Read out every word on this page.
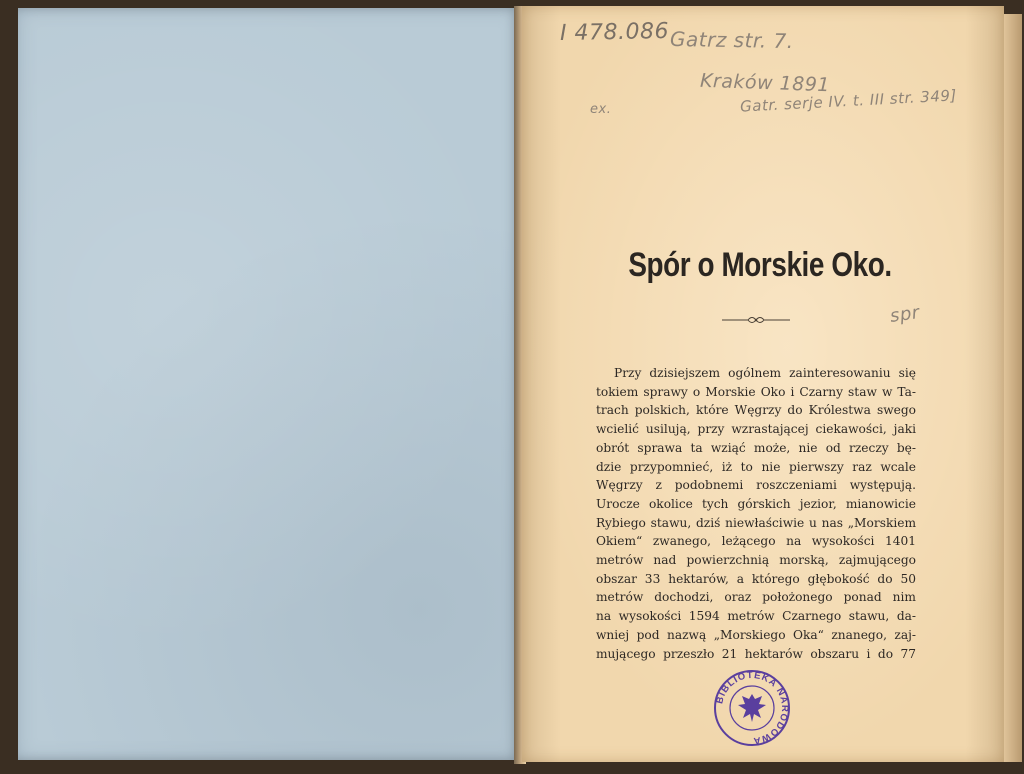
I 478.086 Gatrz str. 7.
Kraków 1891
Gatr. serje IV. t. III str. 349]
ex.
spr
Spór o Morskie Oko.
Przy dzisiejszem ogólnem zainteresowaniu się
tokiem sprawy o Morskie Oko i Czarny staw w Ta-
trach polskich, które Węgrzy do Królestwa swego
wcielić usilują, przy wzrastającej ciekawości, jaki
obrót sprawa ta wziąć może, nie od rzeczy bę-
dzie przypomnieć, iż to nie pierwszy raz wcale
Węgrzy z podobnemi roszczeniami występują.
Urocze okolice tych górskich jezior, mianowicie
Rybiego stawu, dziś niewłaściwie u nas „Morskiem
Okiem“ zwanego, leżącego na wysokości 1401
metrów nad powierzchnią morską, zajmującego
obszar 33 hektarów, a którego głębokość do 50
metrów dochodzi, oraz położonego ponad nim
na wysokości 1594 metrów Czarnego stawu, da-
wniej pod nazwą „Morskiego Oka“ znanego, zaj-
mującego przeszło 21 hektarów obszaru i do 77
BIBLIOTEKA NARODOWA
